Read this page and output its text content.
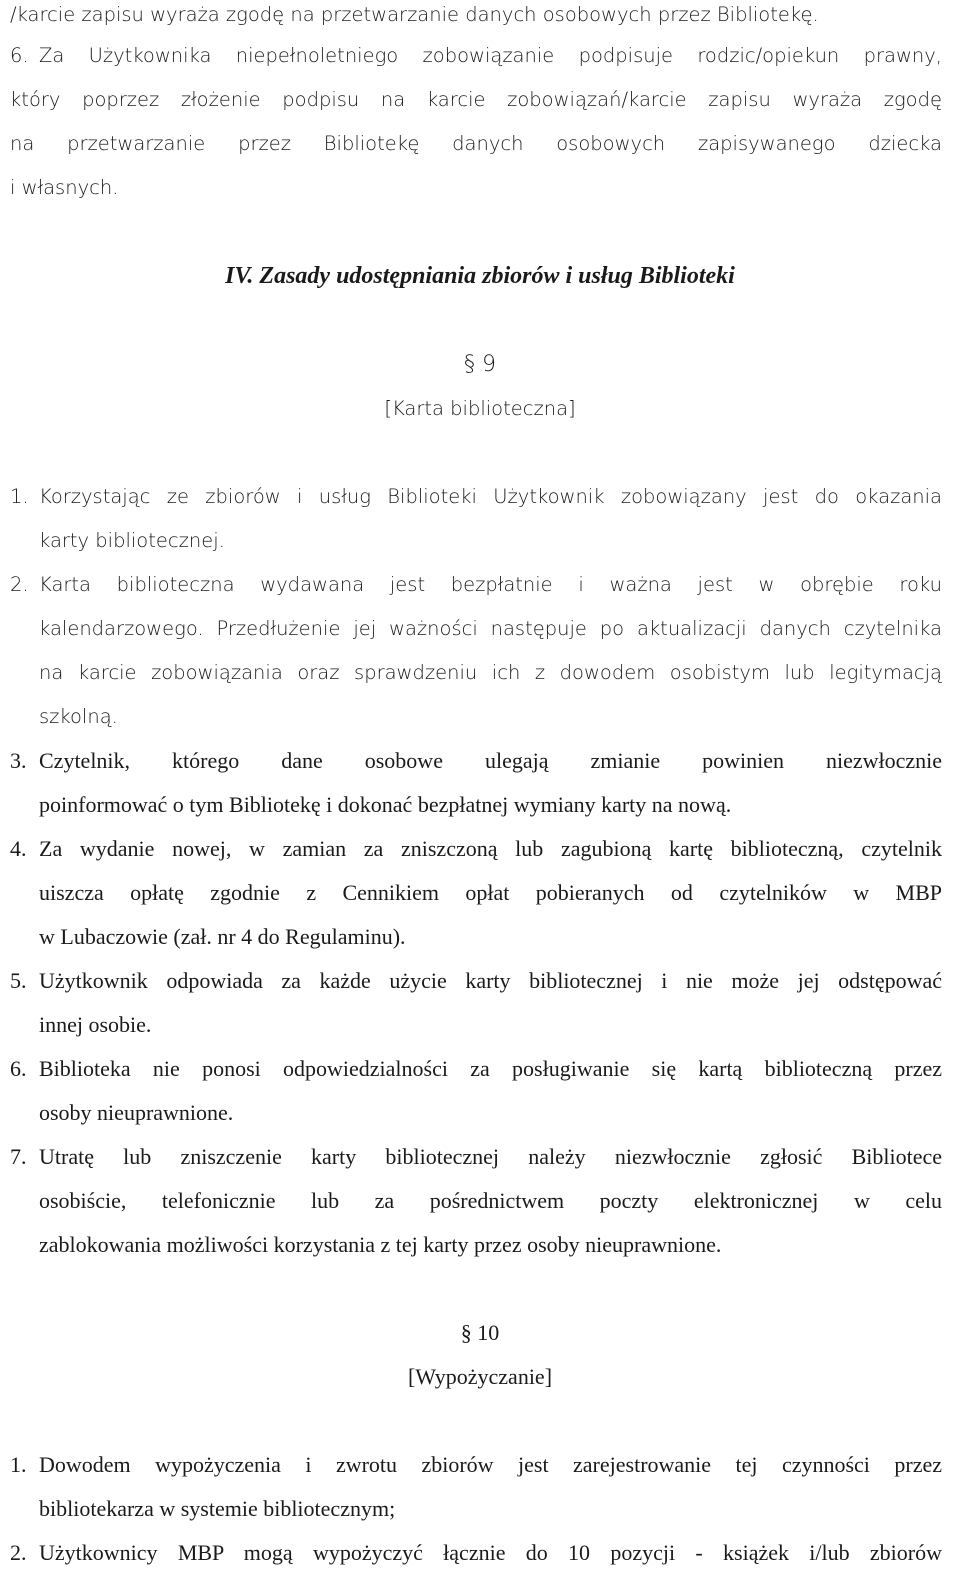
/karcie zapisu wyraża zgodę na przetwarzanie danych osobowych przez Bibliotekę.
6. Za Użytkownika niepełnoletniego zobowiązanie podpisuje rodzic/opiekun prawny,
który poprzez złożenie podpisu na karcie zobowiązań/karcie zapisu wyraża zgodę
na przetwarzanie przez Bibliotekę danych osobowych zapisywanego dziecka
i własnych.
IV. Zasady udostępniania zbiorów i usług Biblioteki
§ 9
[Karta biblioteczna]
1. Korzystając ze zbiorów i usług Biblioteki Użytkownik zobowiązany jest do okazania
karty bibliotecznej.
2. Karta biblioteczna wydawana jest bezpłatnie i ważna jest w obrębie roku
kalendarzowego. Przedłużenie jej ważności następuje po aktualizacji danych czytelnika
na karcie zobowiązania oraz sprawdzeniu ich z dowodem osobistym lub legitymacją
szkolną.
3. Czytelnik, którego dane osobowe ulegają zmianie powinien niezwłocznie
poinformować o tym Bibliotekę i dokonać bezpłatnej wymiany karty na nową.
4. Za wydanie nowej, w zamian za zniszczoną lub zagubioną kartę biblioteczną, czytelnik
uiszcza opłatę zgodnie z Cennikiem opłat pobieranych od czytelników w MBP
w Lubaczowie (zał. nr 4 do Regulaminu).
5. Użytkownik odpowiada za każde użycie karty bibliotecznej i nie może jej odstępować
innej osobie.
6. Biblioteka nie ponosi odpowiedzialności za posługiwanie się kartą biblioteczną przez
osoby nieuprawnione.
7. Utratę lub zniszczenie karty bibliotecznej należy niezwłocznie zgłosić Bibliotece
osobiście, telefonicznie lub za pośrednictwem poczty elektronicznej w celu
zablokowania możliwości korzystania z tej karty przez osoby nieuprawnione.
§ 10
[Wypożyczanie]
1. Dowodem wypożyczenia i zwrotu zbiorów jest zarejestrowanie tej czynności przez
bibliotekarza w systemie bibliotecznym;
2. Użytkownicy MBP mogą wypożyczyć łącznie do 10 pozycji - książek i/lub zbiorów
